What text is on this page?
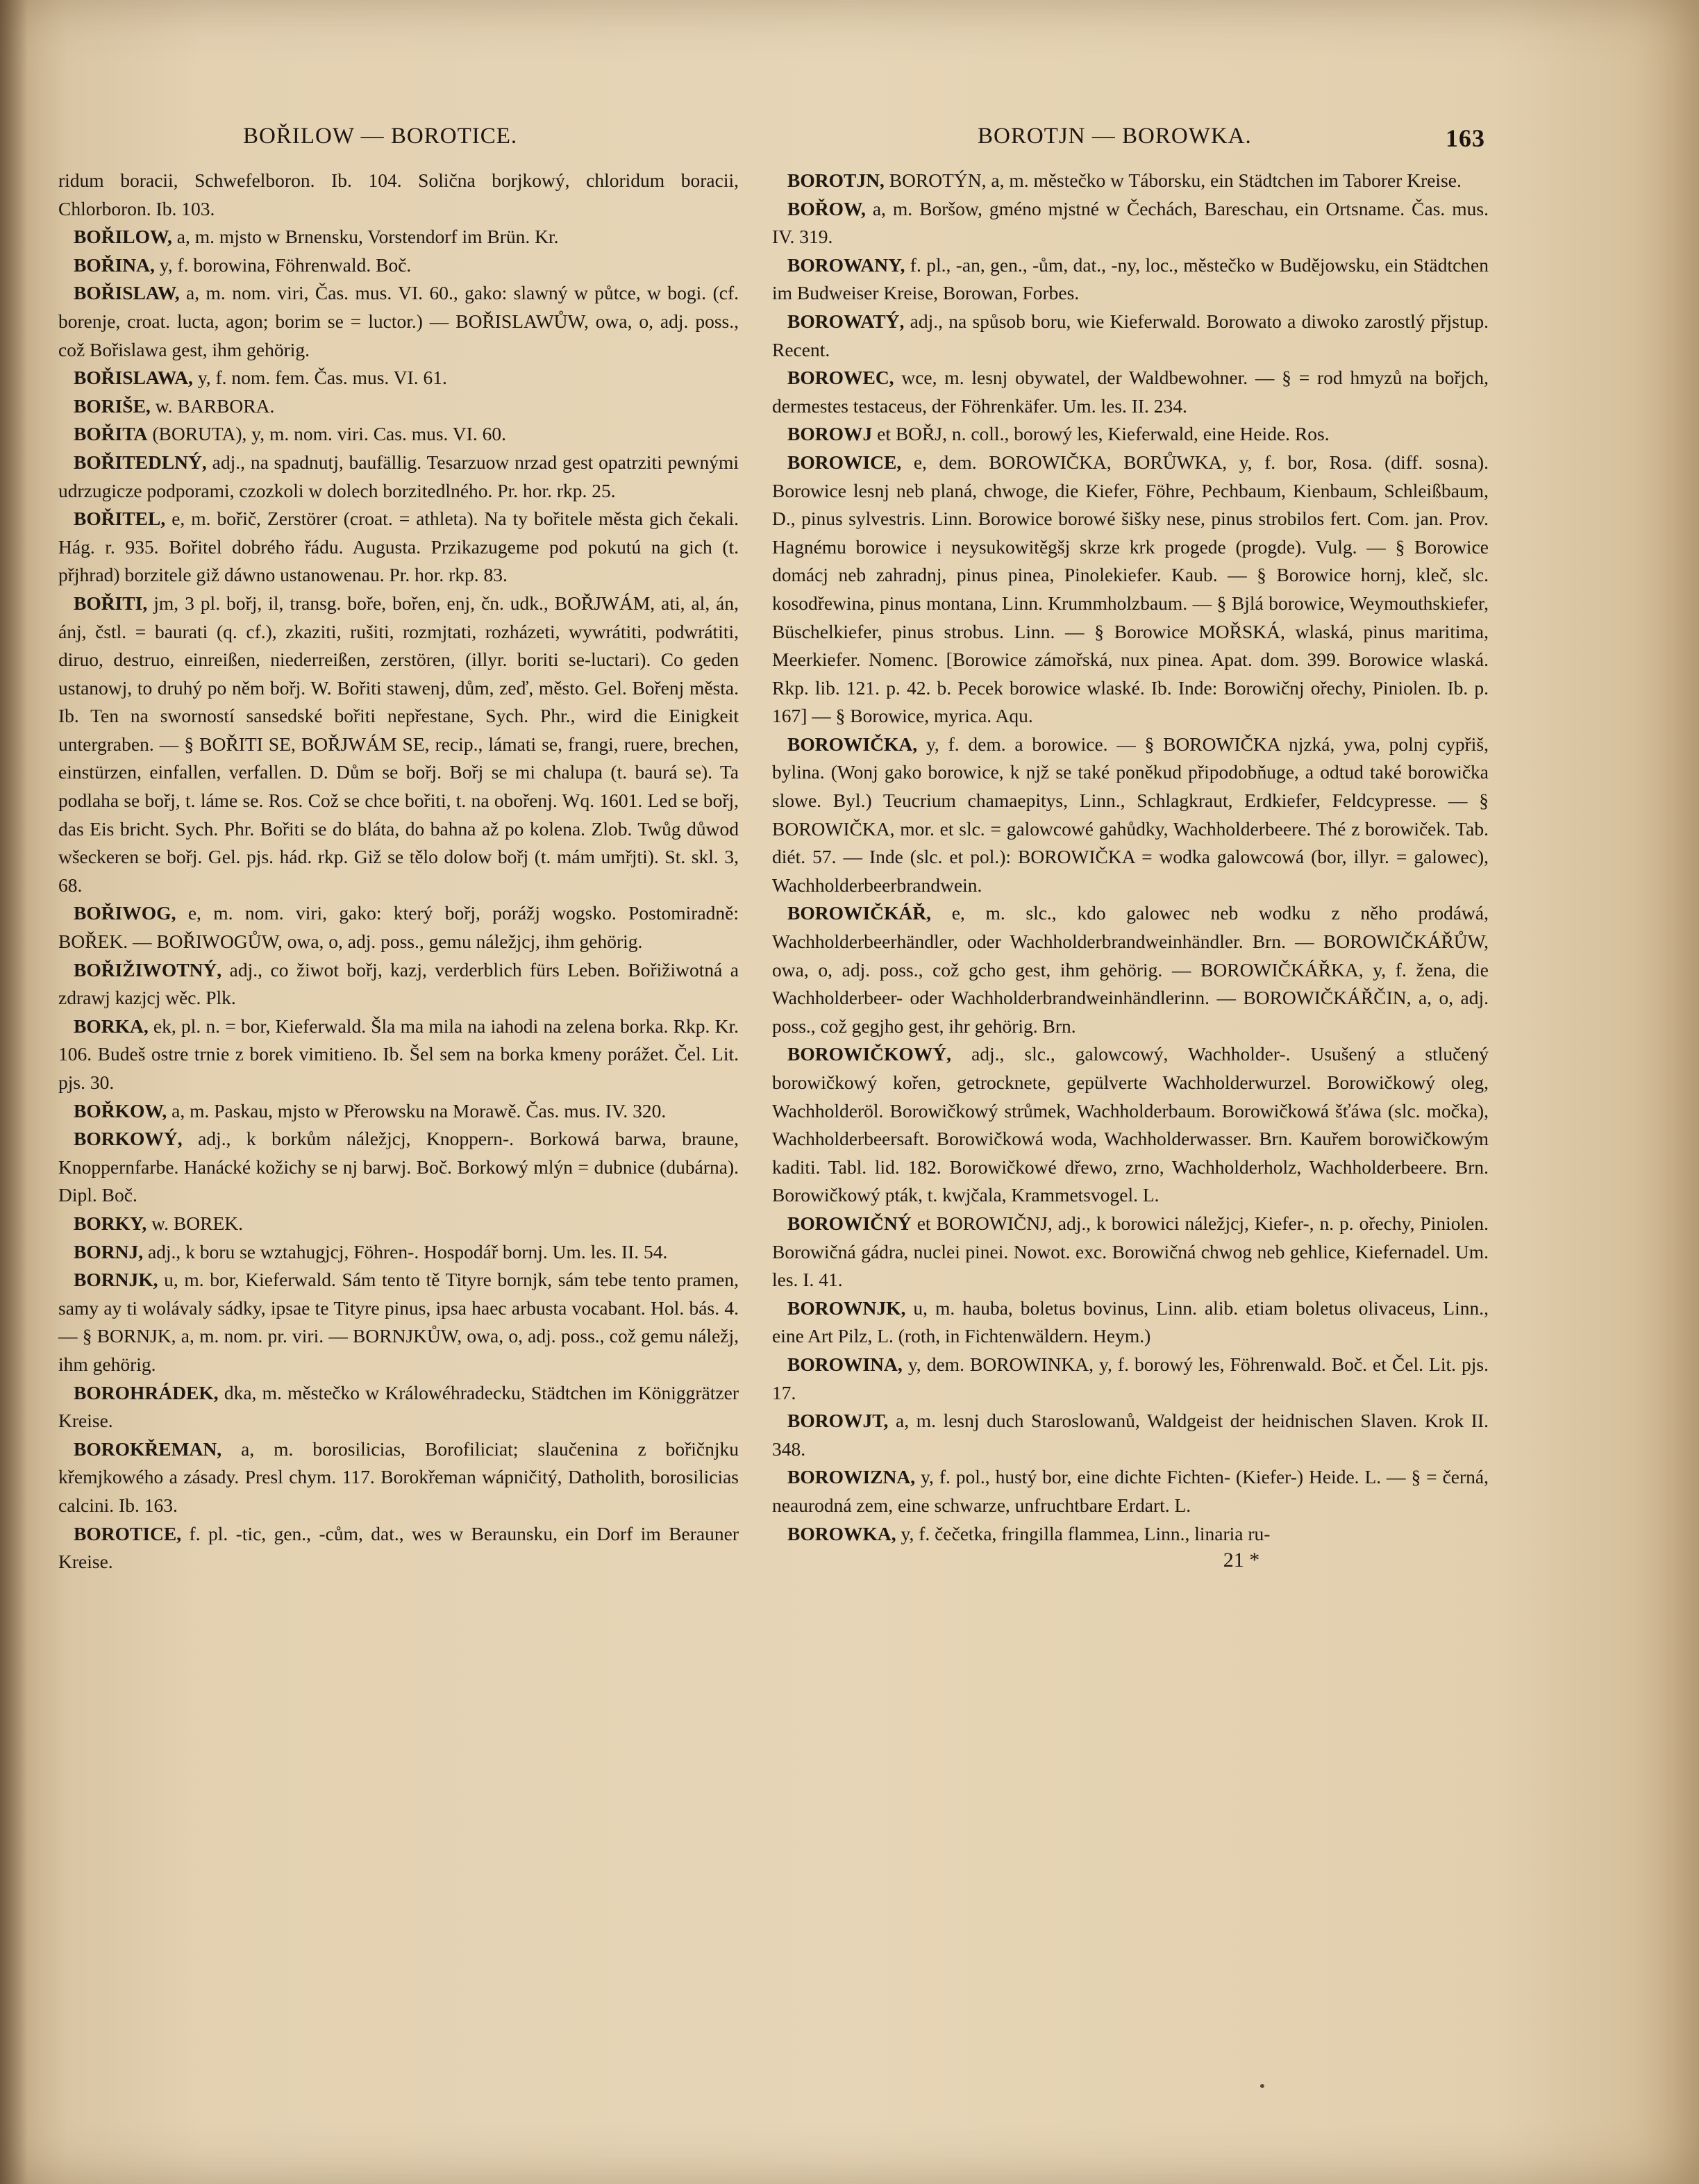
BOŘILOW — BOROTICE.	BOROTJN — BOROWKA.	163

ridum boracii, Schwefelboron. Ib. 104. Solična borjkowý, chloridum boracii, Chlorboron. Ib. 103.

BOŘILOW, a, m. mjsto w Brnensku, Vorstendorf im Brün. Kr.

BOŘINA, y, f. borowina, Föhrenwald. Boč.

BOŘISLAW, a, m. nom. viri, Čas. mus. VI. 60., gako: slawný w půtce, w bogi. (cf. borenje, croat. lucta, agon; borim se = luctor.) — BOŘISLAWŮW, owa, o, adj. poss., což Bořislawa gest, ihm gehörig.

BOŘISLAWA, y, f. nom. fem. Čas. mus. VI. 61.

BORIŠE, w. BARBORA.

BOŘITA (BORUTA), y, m. nom. viri. Cas. mus. VI. 60.

BOŘITEDLNÝ, adj., na spadnutj, baufällig. Tesarzuow nrzad gest opatrziti pewnými udrzugicze podporami, czozkoli w dolech borzitedlného. Pr. hor. rkp. 25.

BOŘITEL, e, m. bořič, Zerstörer (croat. = athleta). Na ty bořitele města gich čekali. Hág. r. 935. Bořitel dobrého řádu. Augusta. Przikazugeme pod pokutú na gich (t. přjhrad) borzitele giž dáwno ustanowenau. Pr. hor. rkp. 83.

BOŘITI, jm, 3 pl. bořj, il, transg. boře, bořen, enj, čn. udk., BOŘJWÁM, ati, al, án, ánj, čstl. = baurati (q. cf.), zkaziti, rušiti, rozmjtati, rozházeti, wywrátiti, podwrátiti, diruo, destruo, einreißen, niederreißen, zerstören, (illyr. boriti se-luctari). Co geden ustanowj, to druhý po něm bořj. W. Bořiti stawenj, dům, zeď, město. Gel. Bořenj města. Ib. Ten na sworností sansedské bořiti nepřestane, Sych. Phr., wird die Einigkeit untergraben. — § BOŘITI SE, BOŘJWÁM SE, recip., lámati se, frangi, ruere, brechen, einstürzen, einfallen, verfallen. D. Dům se bořj. Bořj se mi chalupa (t. baurá se). Ta podlaha se bořj, t. láme se. Ros. Což se chce bořiti, t. na obořenj. Wq. 1601. Led se bořj, das Eis bricht. Sych. Phr. Bořiti se do bláta, do bahna až po kolena. Zlob. Twůg důwod wšeckeren se bořj. Gel. pjs. hád. rkp. Giž se tělo dolow bořj (t. mám umřjti). St. skl. 3, 68.

BOŘIWOG, e, m. nom. viri, gako: který bořj, porážj wogsko. Postomiradně: BOŘEK. — BOŘIWOGŮW, owa, o, adj. poss., gemu náležjcj, ihm gehörig.

BOŘIŽIWOTNÝ, adj., co žiwot bořj, kazj, verderblich fürs Leben. Bořižiwotná a zdrawj kazjcj wěc. Plk.

BORKA, ek, pl. n. = bor, Kieferwald. Šla ma mila na iahodi na zelena borka. Rkp. Kr. 106. Budeš ostre trnie z borek vimitieno. Ib. Šel sem na borka kmeny porážet. Čel. Lit. pjs. 30.

BOŘKOW, a, m. Paskau, mjsto w Přerowsku na Morawě. Čas. mus. IV. 320.

BORKOWÝ, adj., k borkům náležjcj, Knoppern-. Borkowá barwa, braune, Knoppernfarbe. Hanácké kožichy se nj barwj. Boč. Borkowý mlýn = dubnice (dubárna). Dipl. Boč.

BORKY, w. BOREK.

BORNJ, adj., k boru se wztahugjcj, Föhren-. Hospodář bornj. Um. les. II. 54.

BORNJK, u, m. bor, Kieferwald. Sám tento tě Tityre bornjk, sám tebe tento pramen, samy ay ti wolávaly sádky, ipsae te Tityre pinus, ipsa haec arbusta vocabant. Hol. bás. 4. — § BORNJK, a, m. nom. pr. viri. — BORNJKŮW, owa, o, adj. poss., což gemu náležj, ihm gehörig.

BOROHRÁDEK, dka, m. městečko w Králowéhradecku, Städtchen im Königgrätzer Kreise.

BOROKŘEMAN, a, m. borosilicias, Borofiliciat; slaučenina z bořičnjku křemjkowého a zásady. Presl chym. 117. Borokřeman wápničitý, Datholith, borosilicias calcini. Ib. 163.

BOROTICE, f. pl. -tic, gen., -cům, dat., wes w Beraunsku, ein Dorf im Berauner Kreise.

BOROTJN, BOROTÝN, a, m. městečko w Táborsku, ein Städtchen im Taborer Kreise.

BOŘOW, a, m. Boršow, gméno mjstné w Čechách, Bareschau, ein Ortsname. Čas. mus. IV. 319.

BOROWANY, f. pl., -an, gen., -ům, dat., -ny, loc., městečko w Budějowsku, ein Städtchen im Budweiser Kreise, Borowan, Forbes.

BOROWATÝ, adj., na spůsob boru, wie Kieferwald. Borowato a diwoko zarostlý přjstup. Recent.

BOROWEC, wce, m. lesnj obywatel, der Waldbewohner. — § = rod hmyzů na bořjch, dermestes testaceus, der Föhrenkäfer. Um. les. II. 234.

BOROWJ et BOŘJ, n. coll., borowý les, Kieferwald, eine Heide. Ros.

BOROWICE, e, dem. BOROWIČKA, BORŮWKA, y, f. bor, Rosa. (diff. sosna). Borowice lesnj neb planá, chwoge, die Kiefer, Föhre, Pechbaum, Kienbaum, Schleißbaum, D., pinus sylvestris. Linn. Borowice borowé šišky nese, pinus strobilos fert. Com. jan. Prov. Hagnému borowice i neysukowitěgšj skrze krk progede (progde). Vulg. — § Borowice domácj neb zahradnj, pinus pinea, Pinolekiefer. Kaub. — § Borowice hornj, kleč, slc. kosodřewina, pinus montana, Linn. Krummholzbaum. — § Bjlá borowice, Weymouthskiefer, Büschelkiefer, pinus strobus. Linn. — § Borowice MOŘSKÁ, wlaská, pinus maritima, Meerkiefer. Nomenc. [Borowice zámořská, nux pinea. Apat. dom. 399. Borowice wlaská. Rkp. lib. 121. p. 42. b. Pecek borowice wlaské. Ib. Inde: Borowičnj ořechy, Piniolen. Ib. p. 167] — § Borowice, myrica. Aqu.

BOROWIČKA, y, f. dem. a borowice. — § BOROWIČKA njzká, ywa, polnj cypřiš, bylina. (Wonj gako borowice, k njž se také poněkud připodobňuge, a odtud také borowička slowe. Byl.) Teucrium chamaepitys, Linn., Schlagkraut, Erdkiefer, Feldcypresse. — § BOROWIČKA, mor. et slc. = galowcowé gahůdky, Wachholderbeere. Thé z borowiček. Tab. diét. 57. — Inde (slc. et pol.): BOROWIČKA = wodka galowcowá (bor, illyr. = galowec), Wachholderbeerbrandwein.

BOROWIČKÁŘ, e, m. slc., kdo galowec neb wodku z něho prodáwá, Wachholderbeerhändler, oder Wachholderbrandweinhändler. Brn. — BOROWIČKÁŘŮW, owa, o, adj. poss., což gcho gest, ihm gehörig. — BOROWIČKÁŘKA, y, f. žena, die Wachholderbeer- oder Wachholderbrandweinhändlerinn. — BOROWIČKÁŘČIN, a, o, adj. poss., což gegjho gest, ihr gehörig. Brn.

BOROWIČKOWÝ, adj., slc., galowcowý, Wachholder-. Usušený a stlučený borowičkowý kořen, getrocknete, gepülverte Wachholderwurzel. Borowičkowý oleg, Wachholderöl. Borowičkowý strůmek, Wachholderbaum. Borowičkowá šťáwa (slc. močka), Wachholderbeersaft. Borowičkowá woda, Wachholderwasser. Brn. Kauřem borowičkowým kaditi. Tabl. lid. 182. Borowičkowé dřewo, zrno, Wachholderholz, Wachholderbeere. Brn. Borowičkowý pták, t. kwjčala, Krammetsvogel. L.

BOROWIČNÝ et BOROWIČNJ, adj., k borowici náležjcj, Kiefer-, n. p. ořechy, Piniolen. Borowičná gádra, nuclei pinei. Nowot. exc. Borowičná chwog neb gehlice, Kiefernadel. Um. les. I. 41.

BOROWNJK, u, m. hauba, boletus bovinus, Linn. alib. etiam boletus olivaceus, Linn., eine Art Pilz, L. (roth, in Fichtenwäldern. Heym.)

BOROWINA, y, dem. BOROWINKA, y, f. borowý les, Föhrenwald. Boč. et Čel. Lit. pjs. 17.

BOROWJT, a, m. lesnj duch Staroslowanů, Waldgeist der heidnischen Slaven. Krok II. 348.

BOROWIZNA, y, f. pol., hustý bor, eine dichte Fichten- (Kiefer-) Heide. L. — § = černá, neaurodná zem, eine schwarze, unfruchtbare Erdart. L.

BOROWKA, y, f. čečetka, fringilla flammea, Linn., linaria ru-

21 *
•
